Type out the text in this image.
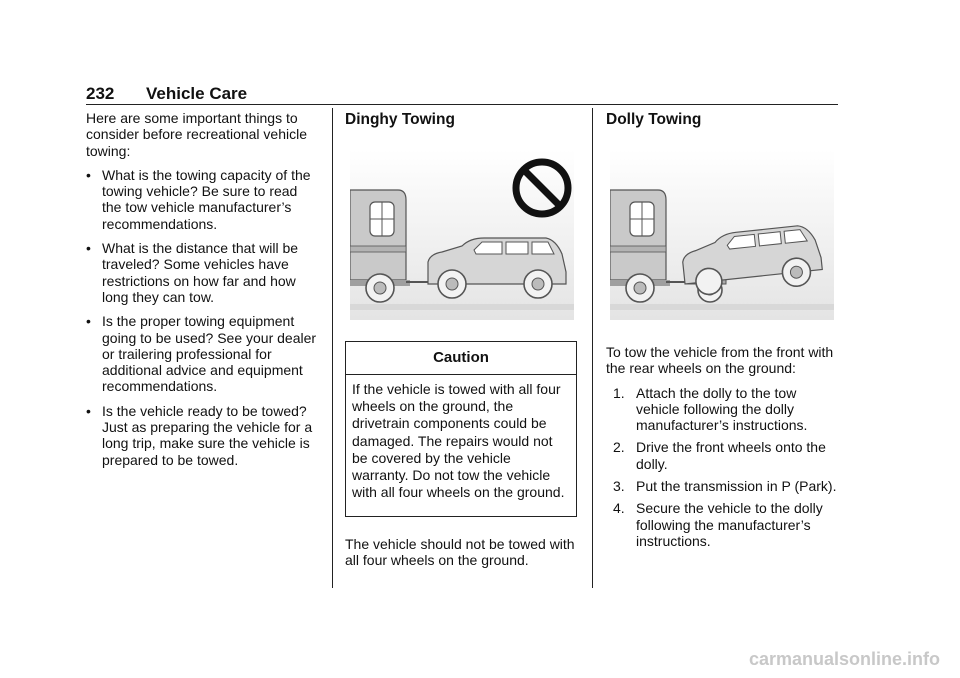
232 Vehicle Care

Here are some important things to consider before recreational vehicle towing:

• What is the towing capacity of the towing vehicle? Be sure to read the tow vehicle manufacturer’s recommendations.
• What is the distance that will be traveled? Some vehicles have restrictions on how far and how long they can tow.
• Is the proper towing equipment going to be used? See your dealer or trailering professional for additional advice and equipment recommendations.
• Is the vehicle ready to be towed? Just as preparing the vehicle for a long trip, make sure the vehicle is prepared to be towed.
Dinghy Towing
Caution
If the vehicle is towed with all four wheels on the ground, the drivetrain components could be damaged. The repairs would not be covered by the vehicle warranty. Do not tow the vehicle with all four wheels on the ground.

The vehicle should not be towed with all four wheels on the ground.

Dolly Towing

To tow the vehicle from the front with the rear wheels on the ground:

1. Attach the dolly to the tow vehicle following the dolly manufacturer’s instructions.
2. Drive the front wheels onto the dolly.
3. Put the transmission in P (Park).
4. Secure the vehicle to the dolly following the manufacturer’s instructions.
carmanualsonline.info
